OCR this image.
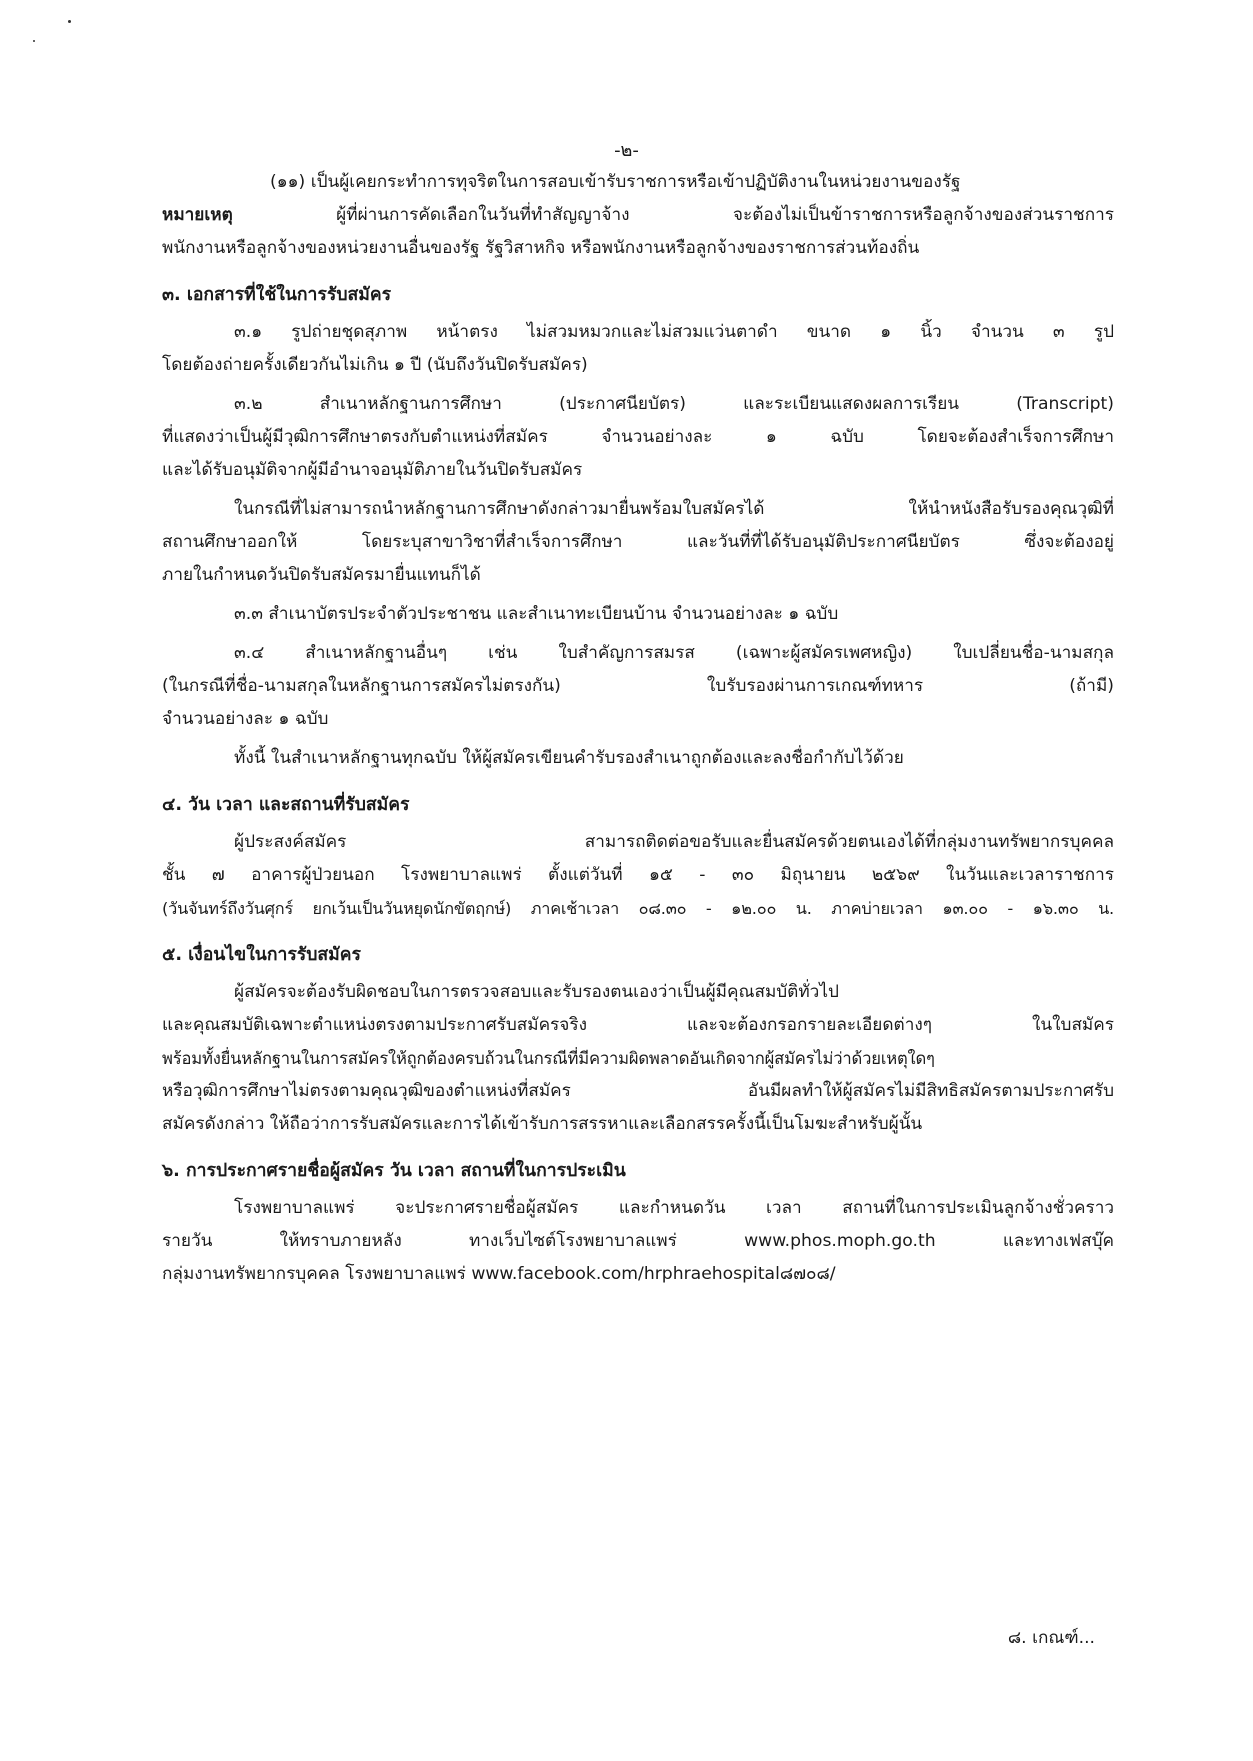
-๒-

(๑๑) เป็นผู้เคยกระทำการทุจริตในการสอบเข้ารับราชการหรือเข้าปฏิบัติงานในหน่วยงานของรัฐ

หมายเหตุ ผู้ที่ผ่านการคัดเลือกในวันที่ทำสัญญาจ้าง จะต้องไม่เป็นข้าราชการหรือลูกจ้างของส่วนราชการ

พนักงานหรือลูกจ้างของหน่วยงานอื่นของรัฐ รัฐวิสาหกิจ หรือพนักงานหรือลูกจ้างของราชการส่วนท้องถิ่น

๓. เอกสารที่ใช้ในการรับสมัคร

๓.๑ รูปถ่ายชุดสุภาพ หน้าตรง ไม่สวมหมวกและไม่สวมแว่นตาดำ ขนาด ๑ นิ้ว จำนวน ๓ รูป

โดยต้องถ่ายครั้งเดียวกันไม่เกิน ๑ ปี (นับถึงวันปิดรับสมัคร)

๓.๒ สำเนาหลักฐานการศึกษา (ประกาศนียบัตร) และระเบียนแสดงผลการเรียน (Transcript)

ที่แสดงว่าเป็นผู้มีวุฒิการศึกษาตรงกับตำแหน่งที่สมัคร จำนวนอย่างละ ๑ ฉบับ โดยจะต้องสำเร็จการศึกษา

และได้รับอนุมัติจากผู้มีอำนาจอนุมัติภายในวันปิดรับสมัคร

ในกรณีที่ไม่สามารถนำหลักฐานการศึกษาดังกล่าวมายื่นพร้อมใบสมัครได้ ให้นำหนังสือรับรองคุณวุฒิที่

สถานศึกษาออกให้ โดยระบุสาขาวิชาที่สำเร็จการศึกษา และวันที่ที่ได้รับอนุมัติประกาศนียบัตร ซึ่งจะต้องอยู่

ภายในกำหนดวันปิดรับสมัครมายื่นแทนก็ได้

๓.๓ สำเนาบัตรประจำตัวประชาชน และสำเนาทะเบียนบ้าน จำนวนอย่างละ ๑ ฉบับ

๓.๔ สำเนาหลักฐานอื่นๆ เช่น ใบสำคัญการสมรส (เฉพาะผู้สมัครเพศหญิง) ใบเปลี่ยนชื่อ-นามสกุล

(ในกรณีที่ชื่อ-นามสกุลในหลักฐานการสมัครไม่ตรงกัน) ใบรับรองผ่านการเกณฑ์ทหาร (ถ้ามี)

จำนวนอย่างละ ๑ ฉบับ

ทั้งนี้ ในสำเนาหลักฐานทุกฉบับ ให้ผู้สมัครเขียนคำรับรองสำเนาถูกต้องและลงชื่อกำกับไว้ด้วย

๔. วัน เวลา และสถานที่รับสมัคร

ผู้ประสงค์สมัคร สามารถติดต่อขอรับและยื่นสมัครด้วยตนเองได้ที่กลุ่มงานทรัพยากรบุคคล

ชั้น ๗ อาคารผู้ป่วยนอก โรงพยาบาลแพร่ ตั้งแต่วันที่ ๑๕ - ๓๐ มิถุนายน ๒๕๖๙ ในวันและเวลาราชการ

(วันจันทร์ถึงวันศุกร์ ยกเว้นเป็นวันหยุดนักขัตฤกษ์) ภาคเช้าเวลา ๐๘.๓๐ - ๑๒.๐๐ น. ภาคบ่ายเวลา ๑๓.๐๐ - ๑๖.๓๐ น.

๕. เงื่อนไขในการรับสมัคร

ผู้สมัครจะต้องรับผิดชอบในการตรวจสอบและรับรองตนเองว่าเป็นผู้มีคุณสมบัติทั่วไป

และคุณสมบัติเฉพาะตำแหน่งตรงตามประกาศรับสมัครจริง และจะต้องกรอกรายละเอียดต่างๆ ในใบสมัคร

พร้อมทั้งยื่นหลักฐานในการสมัครให้ถูกต้องครบถ้วนในกรณีที่มีความผิดพลาดอันเกิดจากผู้สมัครไม่ว่าด้วยเหตุใดๆ

หรือวุฒิการศึกษาไม่ตรงตามคุณวุฒิของตำแหน่งที่สมัคร อันมีผลทำให้ผู้สมัครไม่มีสิทธิสมัครตามประกาศรับ

สมัครดังกล่าว ให้ถือว่าการรับสมัครและการได้เข้ารับการสรรหาและเลือกสรรครั้งนี้เป็นโมฆะสำหรับผู้นั้น

๖. การประกาศรายชื่อผู้สมัคร วัน เวลา สถานที่ในการประเมิน

โรงพยาบาลแพร่ จะประกาศรายชื่อผู้สมัคร และกำหนดวัน เวลา สถานที่ในการประเมินลูกจ้างชั่วคราว

รายวัน ให้ทราบภายหลัง ทางเว็บไซต์โรงพยาบาลแพร่ www.phos.moph.go.th และทางเฟสบุ๊ค

กลุ่มงานทรัพยากรบุคคล โรงพยาบาลแพร่ www.facebook.com/hrphraehospital๘๗๐๘/

๘. เกณฑ์...
